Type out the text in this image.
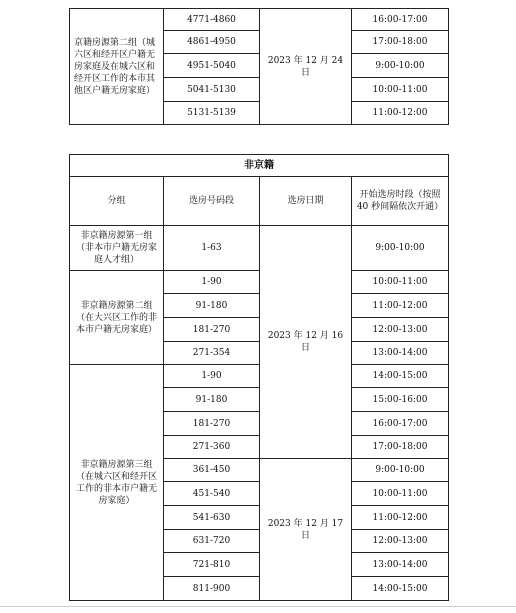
京籍房源第二组（城六区和经开区户籍无房家庭及在城六区和经开区工作的本市其他区户籍无房家庭）	4771-4860	2023 年 12 月 24 日	16:00-17:00
	4861-4950		17:00-18:00
	4951-5040		9:00-10:00
	5041-5130		10:00-11:00
	5131-5139		11:00-12:00
非京籍			
分组	选房号码段	选房日期	开始选房时段（按照 40 秒间隔依次开通）
非京籍房源第一组（非本市户籍无房家庭人才组）	1-63	2023 年 12 月 16 日	9:00-10:00
非京籍房源第二组（在大兴区工作的非本市户籍无房家庭）	1-90		10:00-11:00
	91-180		11:00-12:00
	181-270		12:00-13:00
	271-354		13:00-14:00
非京籍房源第三组（在城六区和经开区工作的非本市户籍无房家庭）	1-90		14:00-15:00
	91-180		15:00-16:00
	181-270		16:00-17:00
	271-360		17:00-18:00
	361-450	2023 年 12 月 17 日	9:00-10:00
	451-540		10:00-11:00
	541-630		11:00-12:00
	631-720		12:00-13:00
	721-810		13:00-14:00
	811-900		14:00-15:00
